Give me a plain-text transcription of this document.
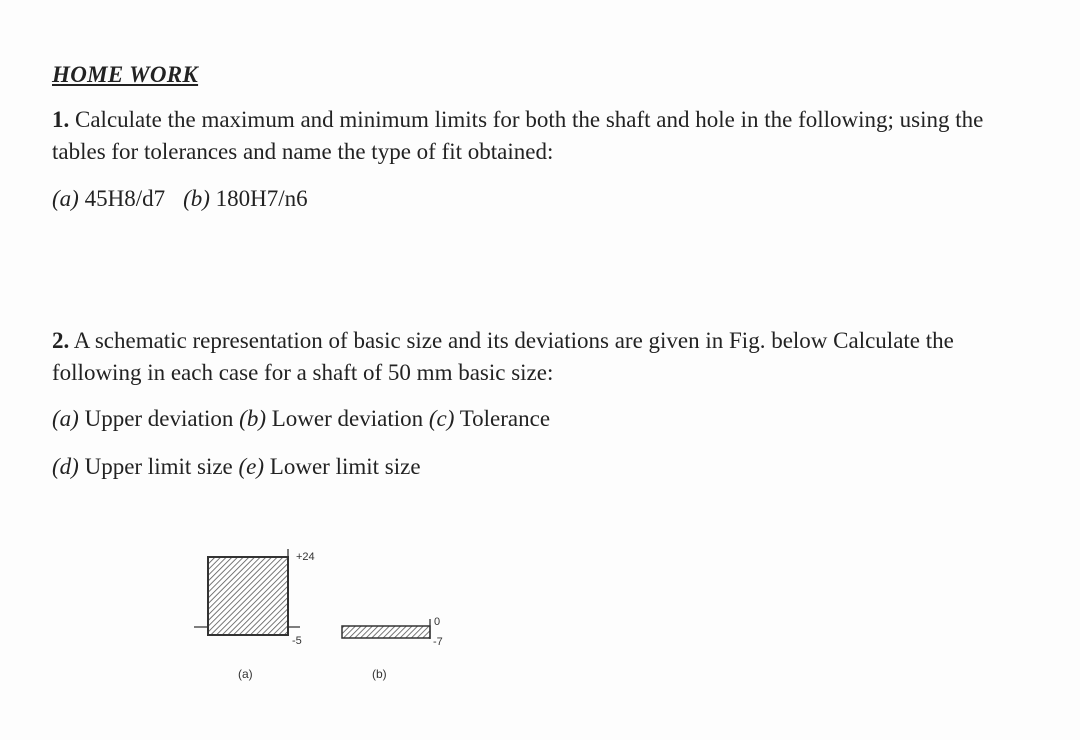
HOME WORK
1. Calculate the maximum and minimum limits for both the shaft and hole in the following; using the tables for tolerances and name the type of fit obtained:
(a) 45H8/d7 (b) 180H7/n6
2. A schematic representation of basic size and its deviations are given in Fig. below Calculate the following in each case for a shaft of 50 mm basic size:
(a) Upper deviation (b) Lower deviation (c) Tolerance
(d) Upper limit size (e) Lower limit size
+24
-5
(a)
0
-7
(b)
